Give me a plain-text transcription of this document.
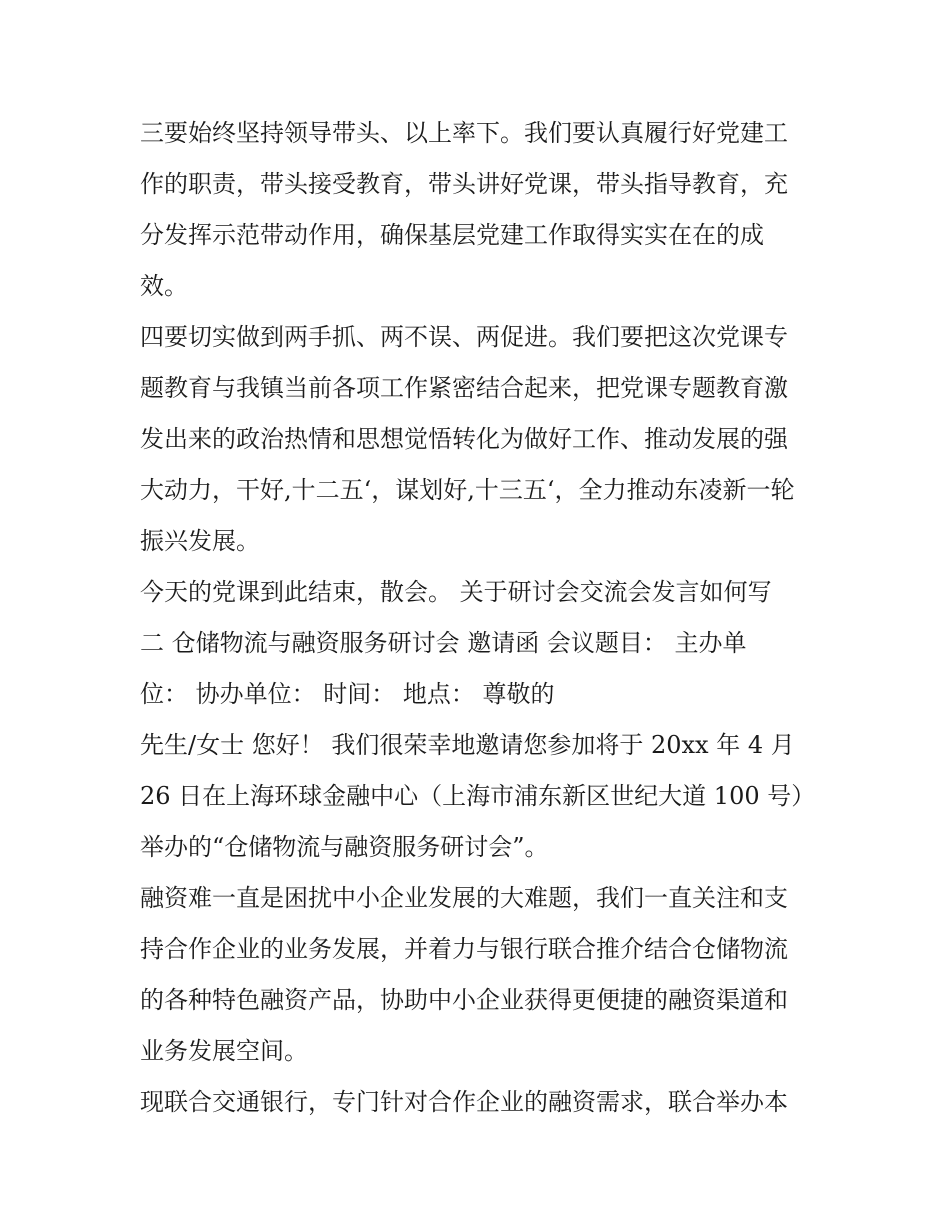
三要始终坚持领导带头、以上率下。我们要认真履行好党建工
作的职责，带头接受教育，带头讲好党课，带头指导教育，充
分发挥示范带动作用，确保基层党建工作取得实实在在的成
效。
四要切实做到两手抓、两不误、两促进。我们要把这次党课专
题教育与我镇当前各项工作紧密结合起来，把党课专题教育激
发出来的政治热情和思想觉悟转化为做好工作、推动发展的强
大动力，干好,十二五‘，谋划好,十三五‘，全力推动东凌新一轮
振兴发展。
今天的党课到此结束，散会。 关于研讨会交流会发言如何写
二 仓储物流与融资服务研讨会 邀请函 会议题目： 主办单
位： 协办单位： 时间： 地点： 尊敬的
先生/女士 您好！ 我们很荣幸地邀请您参加将于 20xx 年 4 月
26 日在上海环球金融中心（上海市浦东新区世纪大道 100 号）
举办的“仓储物流与融资服务研讨会”。
融资难一直是困扰中小企业发展的大难题，我们一直关注和支
持合作企业的业务发展，并着力与银行联合推介结合仓储物流
的各种特色融资产品，协助中小企业获得更便捷的融资渠道和
业务发展空间。
现联合交通银行，专门针对合作企业的融资需求，联合举办本
